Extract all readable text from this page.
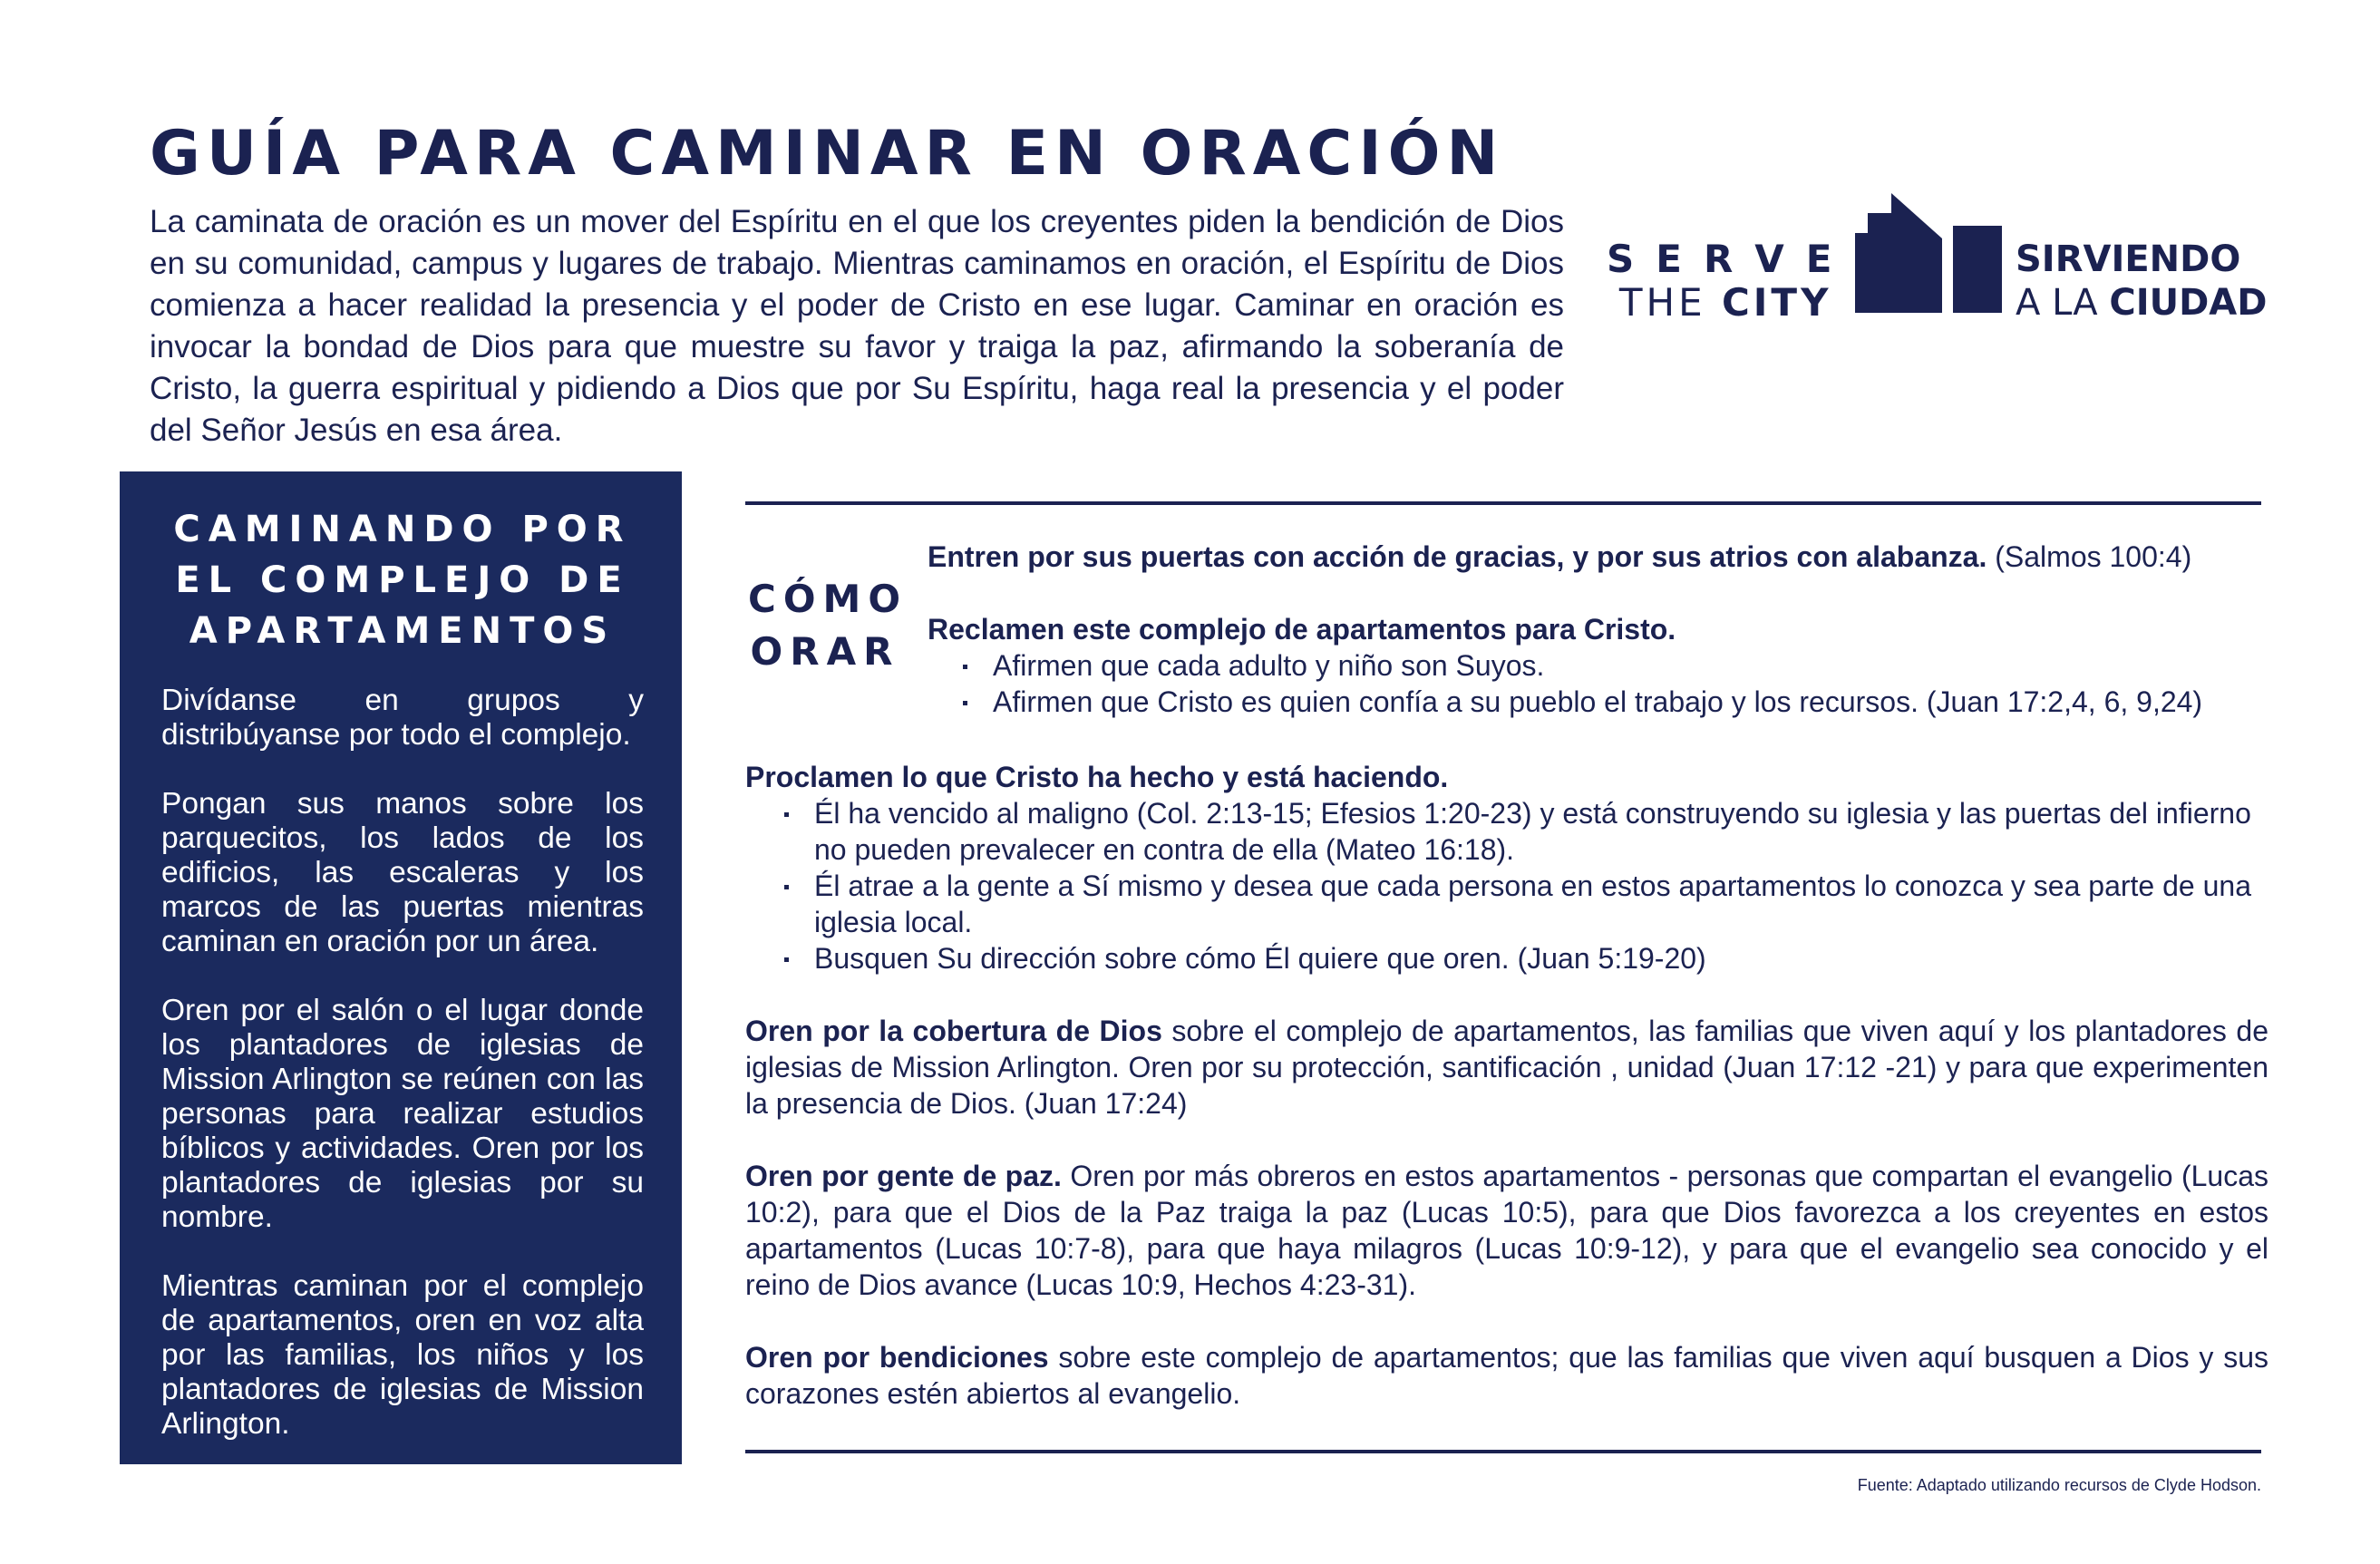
GUÍA PARA CAMINAR EN ORACIÓN

La caminata de oración es un mover del Espíritu en el que los creyentes piden la bendición de Dios en su comunidad, campus y lugares de trabajo. Mientras caminamos en oración, el Espíritu de Dios comienza a hacer realidad la presencia y el poder de Cristo en ese lugar. Caminar en oración es invocar la bondad de Dios para que muestre su favor y traiga la paz, afirmando la soberanía de Cristo, la guerra espiritual y pidiendo a Dios que por Su Espíritu, haga real la presencia y el poder del Señor Jesús en esa área.

SERVE
THE CITY
SIRVIENDO
A LA CIUDAD
CAMINANDO POR EL COMPLEJO DE APARTAMENTOS

Divídanse en grupos y distribúyanse por todo el complejo.

Pongan sus manos sobre los parquecitos, los lados de los edificios, las escaleras y los marcos de las puertas mientras caminan en oración por un área.

Oren por el salón o el lugar donde los plantadores de iglesias de Mission Arlington se reúnen con las personas para realizar estudios bíblicos y actividades. Oren por los plantadores de iglesias por su nombre.

Mientras caminan por el complejo de apartamentos, oren en voz alta por las familias, los niños y los plantadores de iglesias de Mission Arlington.

CÓMO ORAR

Entren por sus puertas con acción de gracias, y por sus atrios con alabanza. (Salmos 100:4)

Reclamen este complejo de apartamentos para Cristo.

Afirmen que cada adulto y niño son Suyos.
Afirmen que Cristo es quien confía a su pueblo el trabajo y los recursos. (Juan 17:2,4, 6, 9,24)

Proclamen lo que Cristo ha hecho y está haciendo.

Él ha vencido al maligno (Col. 2:13-15; Efesios 1:20-23) y está construyendo su iglesia y las puertas del infierno no pueden prevalecer en contra de ella (Mateo 16:18).
Él atrae a la gente a Sí mismo y desea que cada persona en estos apartamentos lo conozca y sea parte de una iglesia local.
Busquen Su dirección sobre cómo Él quiere que oren. (Juan 5:19-20)

Oren por la cobertura de Dios sobre el complejo de apartamentos, las familias que viven aquí y los plantadores de iglesias de Mission Arlington. Oren por su protección, santificación , unidad (Juan 17:12 -21) y para que experimenten la presencia de Dios. (Juan 17:24)

Oren por gente de paz. Oren por más obreros en estos apartamentos - personas que compartan el evangelio (Lucas 10:2), para que el Dios de la Paz traiga la paz (Lucas 10:5), para que Dios favorezca a los creyentes en estos apartamentos (Lucas 10:7-8), para que haya milagros (Lucas 10:9-12), y para que el evangelio sea conocido y el reino de Dios avance (Lucas 10:9, Hechos 4:23-31).

Oren por bendiciones sobre este complejo de apartamentos; que las familias que viven aquí busquen a Dios y sus corazones estén abiertos al evangelio.

Fuente: Adaptado utilizando recursos de Clyde Hodson.
